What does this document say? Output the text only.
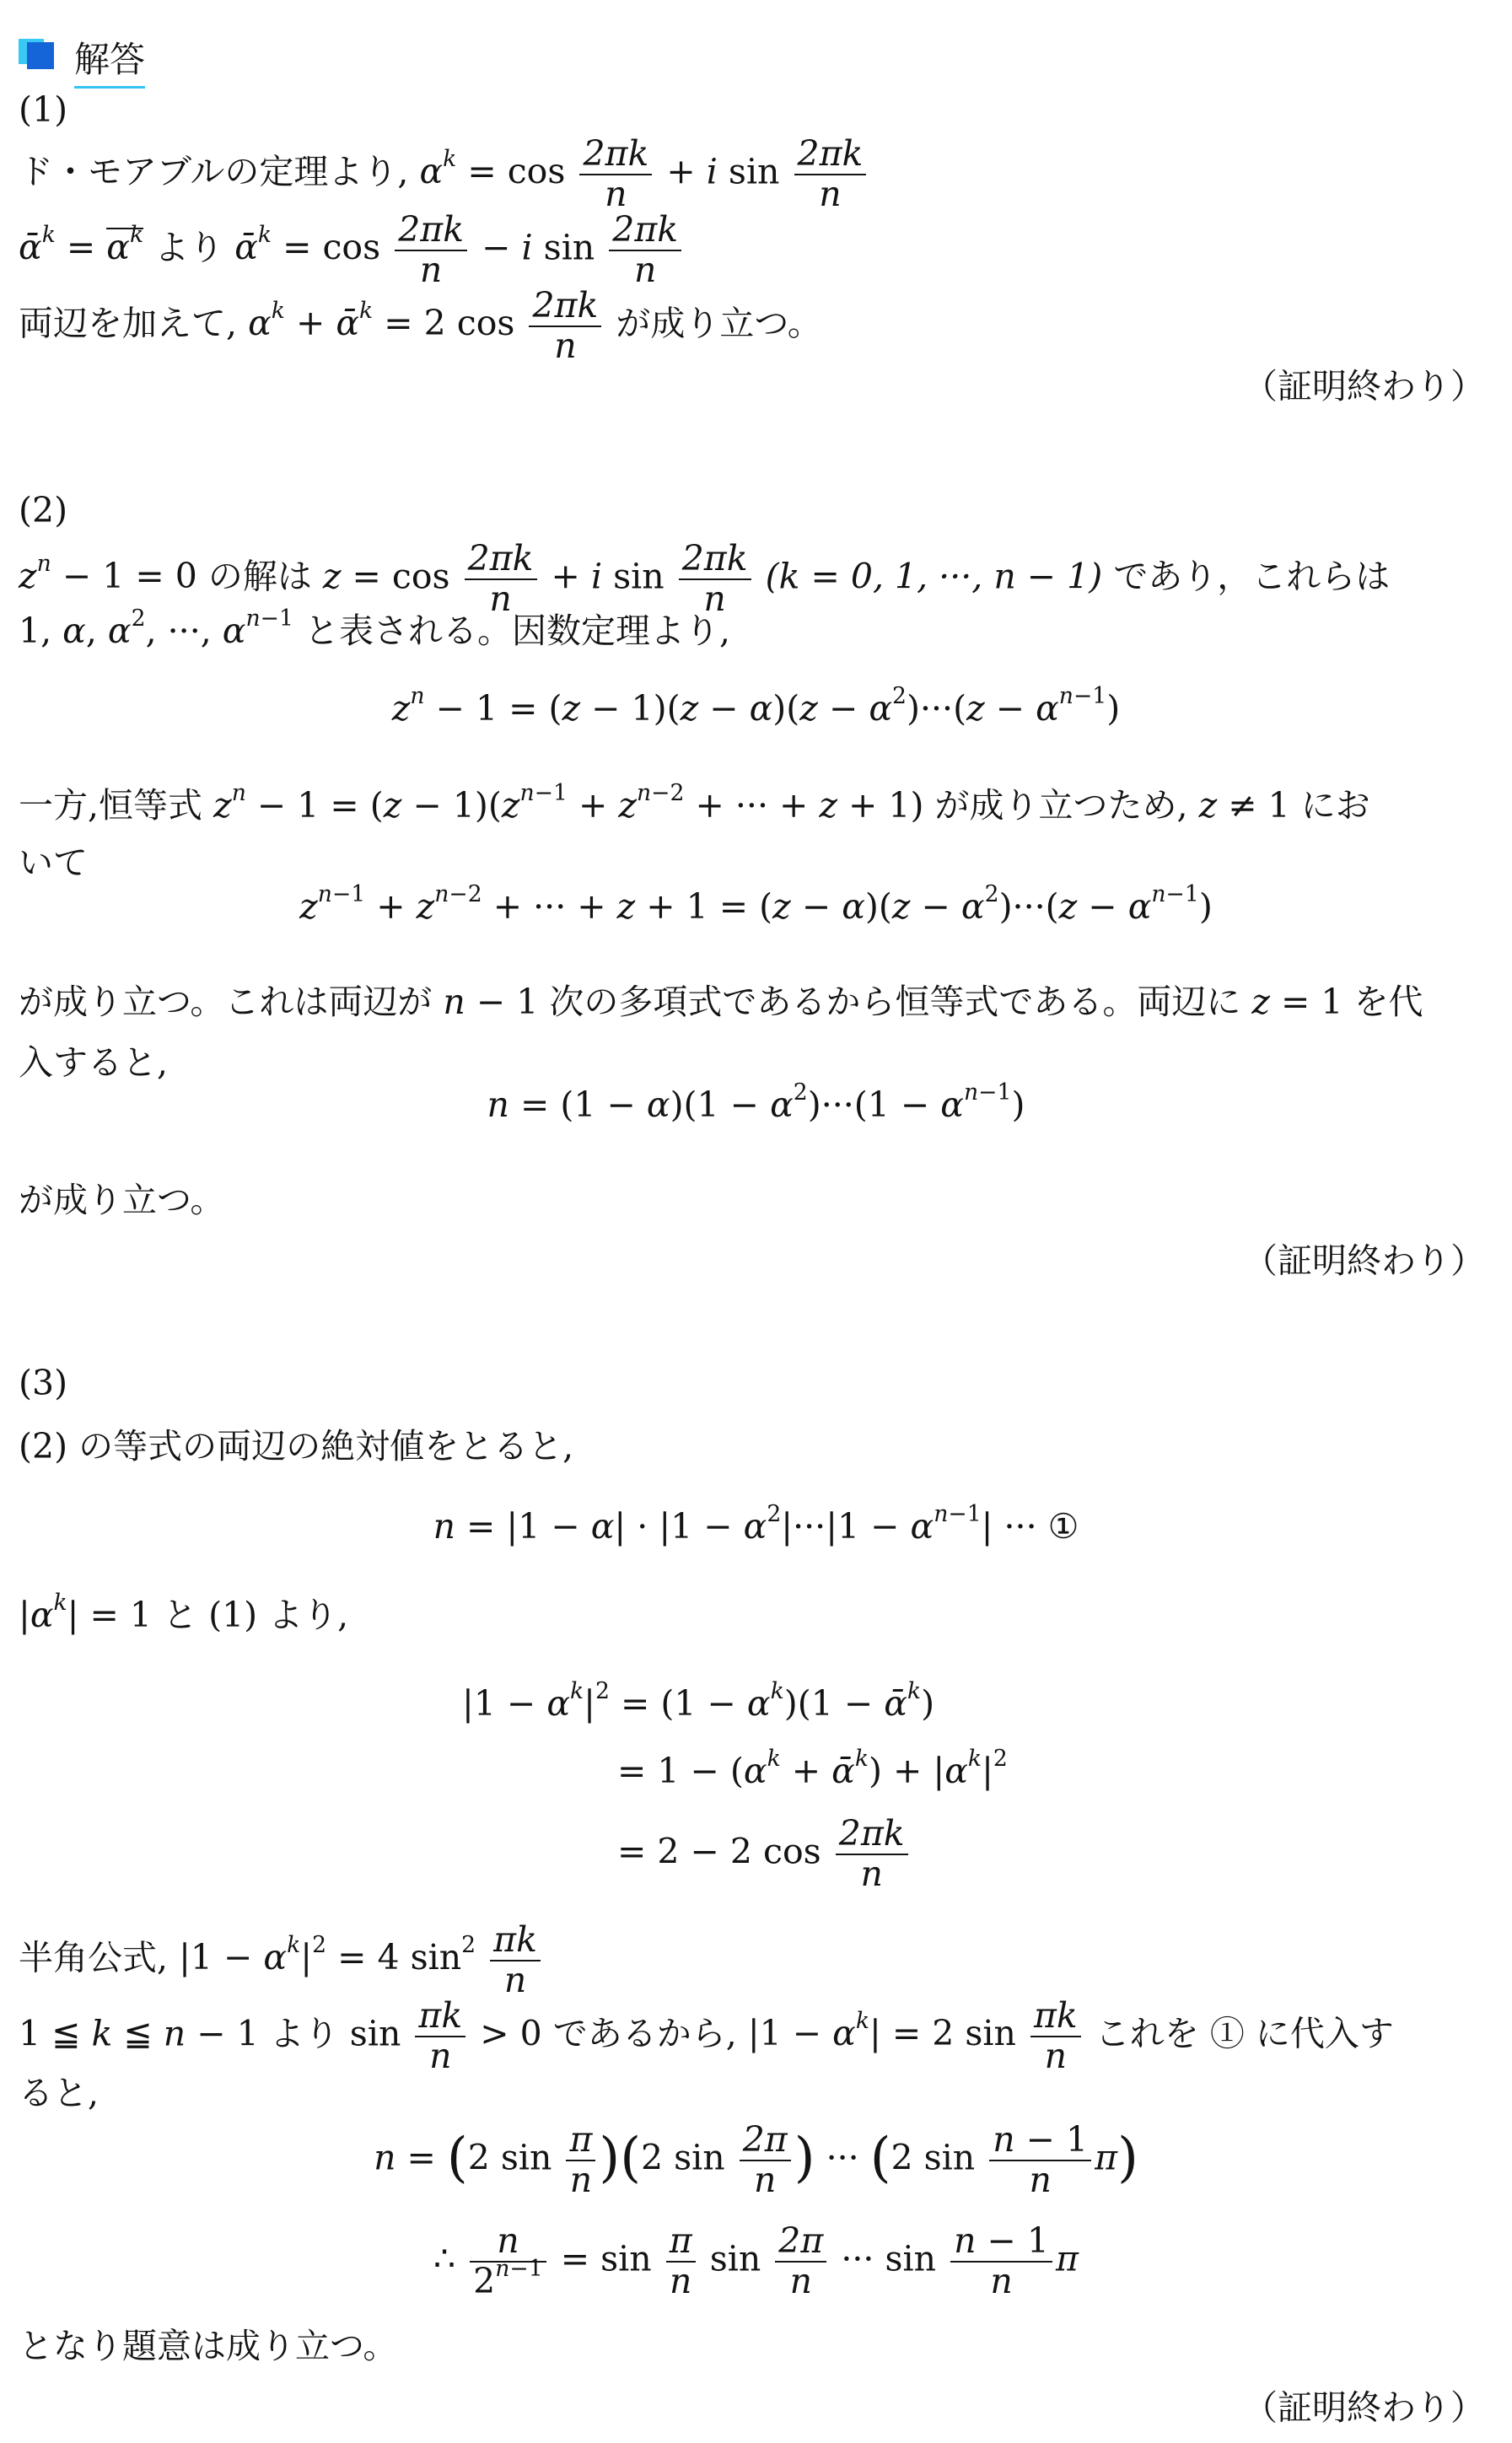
解答
(1)
ド・モアブルの定理より, $\alpha^k = \cos \frac{2\pi k}{n} + i$ $\sin \frac{2\pi k}{n}$
ᾱ$^k$ = $\alpha^k$ より ᾱ$^k$ = $\cos \frac{2\pi k}{n} - i$ $\sin \frac{2\pi k}{n}$
両辺を加えて, $\alpha^k$ + ᾱ$^k$ = 2 $\cos \frac{2\pi k}{n}$ が成り立つ。
（証明終わり）
(2)
$z^n - 1 = 0$ の解は $z = \cos \frac{2\pi k}{n} + i$ $\sin \frac{2\pi k}{n} (k = 0$, 1, ···, n − 1) であり，これらは
1, α, $\alpha^2$, ···, $\alpha^{n-1}$ と表される。因数定理より,
$z^n - 1 = (z - 1)(z - \alpha)(z - \alpha^2)\cdot\cdot\cdot(z - \alpha^{n-1})$
一方,恒等式 $z^n - 1 = (z - 1)(z^{n-1} + z^{n-2}$ + ··· + z + 1) が成り立つため, z ≠ 1 にお
いて
$z^{n-1} + z^{n-2}$ + ··· + $z + 1 = (z - \alpha)(z - \alpha^2)\cdot\cdot\cdot(z - \alpha^{n-1})$
が成り立つ。これは両辺が n − 1 次の多項式であるから恒等式である。両辺に z = 1 を代
入すると,
$n = (1 - \alpha)(1 - \alpha^2)\cdot\cdot\cdot(1 - \alpha^{n-1})$
が成り立つ。
（証明終わり）
(3)
(2) の等式の両辺の絶対値をとると,
$n = |1 - \alpha| \cdot |1 - \alpha^2|\cdot\cdot\cdot|1 - \alpha^{n-1}|$ ··· ①
$|\alpha^k| = 1$ と (1) より,
$|1 - \alpha^k|^2 = (1 - \alpha^k)(1$ − ᾱ$^k$)
= $1 - (\alpha^k$ + ᾱ$^k$) + $|\alpha^k|^2$
= 2 − 2 $\cos \frac{2\pi k}{n}$
半角公式, $|1 - \alpha^k|^2 = 4$ $\sin^2 \frac{\pi k}{n}$
1 ≦ k ≦ n − 1 より $\sin \frac{\pi k}{n} > 0$ であるから, $|1 - \alpha^k| = 2$ $\sin \frac{\pi k}{n}$ これを ① に代入す
ると,
n = (2 $\sin \frac{\pi}{n} )(2$ $\sin \frac{2\pi}{n}$ ) ··· (2 $\sin \frac{n - 1}{n} \pi$)
∴ $\frac{n}{2^{n-1}} = \sin \frac{\pi}{n}$ $\sin \frac{2\pi}{n}$ ··· $\sin \frac{n - 1}{n}$ π
となり題意は成り立つ。
（証明終わり）
